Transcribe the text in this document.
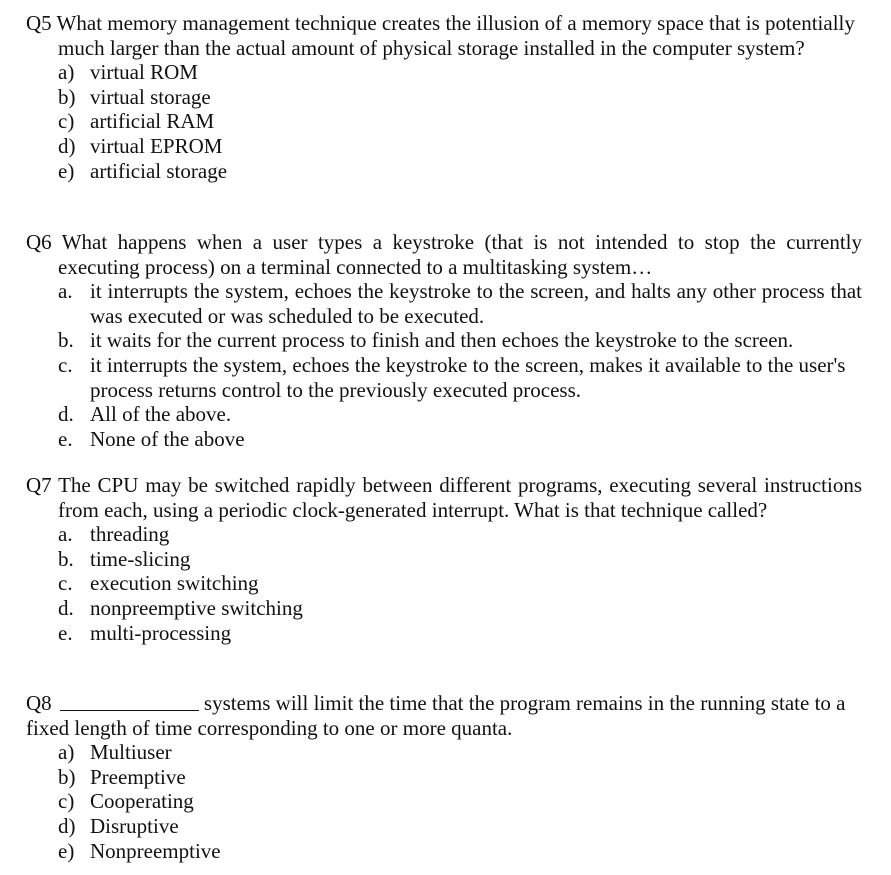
Q5 What memory management technique creates the illusion of a memory space that is potentially much larger than the actual amount of physical storage installed in the computer system?
a) virtual ROM
b) virtual storage
c) artificial RAM
d) virtual EPROM
e) artificial storage
Q6 What happens when a user types a keystroke (that is not intended to stop the currently executing process) on a terminal connected to a multitasking system…
a. it interrupts the system, echoes the keystroke to the screen, and halts any other process that was executed or was scheduled to be executed.
b. it waits for the current process to finish and then echoes the keystroke to the screen.
c. it interrupts the system, echoes the keystroke to the screen, makes it available to the user's process returns control to the previously executed process.
d. All of the above.
e. None of the above
Q7 The CPU may be switched rapidly between different programs, executing several instructions from each, using a periodic clock-generated interrupt. What is that technique called?
a. threading
b. time-slicing
c. execution switching
d. nonpreemptive switching
e. multi-processing
Q8	systems will limit the time that the program remains in the running state to a fixed length of time corresponding to one or more quanta.
a) Multiuser
b) Preemptive
c) Cooperating
d) Disruptive
e) Nonpreemptive
